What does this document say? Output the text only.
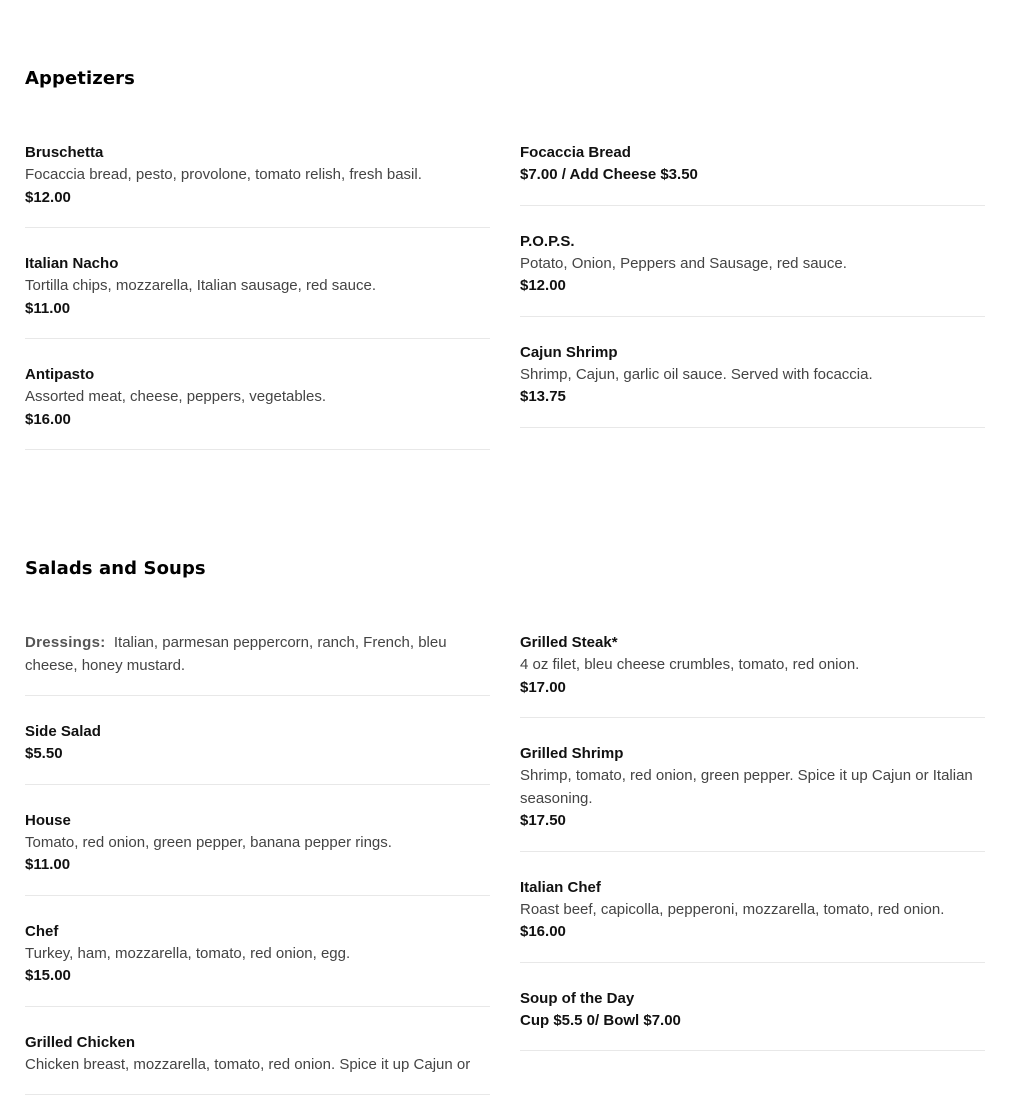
Appetizers
Bruschetta
Focaccia bread, pesto, provolone, tomato relish, fresh basil.
$12.00
Italian Nacho
Tortilla chips, mozzarella, Italian sausage, red sauce.
$11.00
Antipasto
Assorted meat, cheese, peppers, vegetables.
$16.00
Focaccia Bread
$7.00 / Add Cheese $3.50
P.O.P.S.
Potato, Onion, Peppers and Sausage, red sauce.
$12.00
Cajun Shrimp
Shrimp, Cajun, garlic oil sauce. Served with focaccia.
$13.75
Salads and Soups
Dressings: Italian, parmesan peppercorn, ranch, French, bleu cheese, honey mustard.
Side Salad
$5.50
House
Tomato, red onion, green pepper, banana pepper rings.
$11.00
Chef
Turkey, ham, mozzarella, tomato, red onion, egg.
$15.00
Grilled Chicken
Chicken breast, mozzarella, tomato, red onion. Spice it up Cajun or
Grilled Steak*
4 oz filet, bleu cheese crumbles, tomato, red onion.
$17.00
Grilled Shrimp
Shrimp, tomato, red onion, green pepper. Spice it up Cajun or Italian seasoning.
$17.50
Italian Chef
Roast beef, capicolla, pepperoni, mozzarella, tomato, red onion.
$16.00
Soup of the Day
Cup $5.5 0/ Bowl $7.00
